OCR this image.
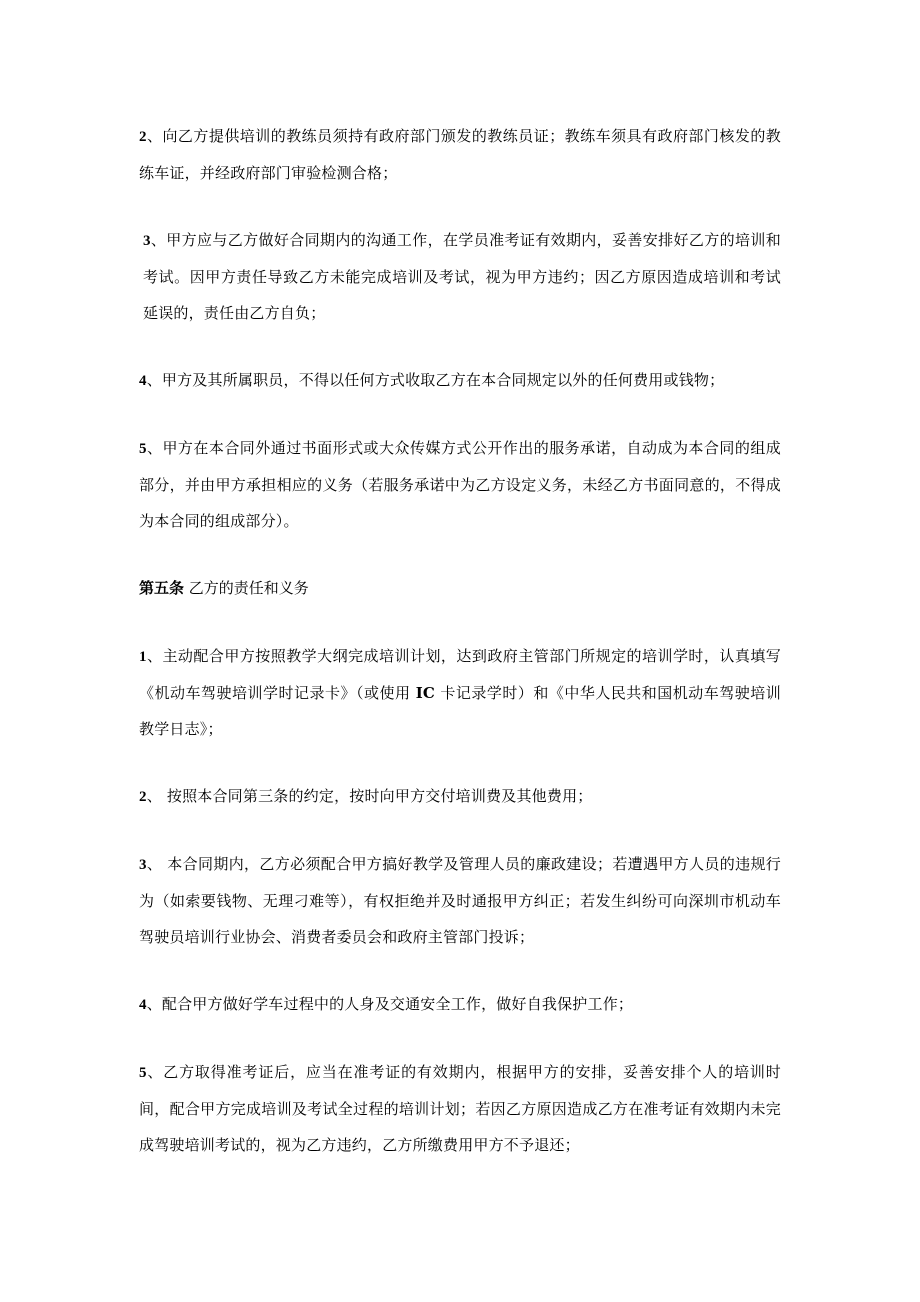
2、向乙方提供培训的教练员须持有政府部门颁发的教练员证；教练车须具有政府部门核发的教练车证，并经政府部门审验检测合格；

3、甲方应与乙方做好合同期内的沟通工作，在学员准考证有效期内，妥善安排好乙方的培训和考试。因甲方责任导致乙方未能完成培训及考试，视为甲方违约；因乙方原因造成培训和考试延误的，责任由乙方自负；

4、甲方及其所属职员，不得以任何方式收取乙方在本合同规定以外的任何费用或钱物；

5、甲方在本合同外通过书面形式或大众传媒方式公开作出的服务承诺，自动成为本合同的组成部分，并由甲方承担相应的义务（若服务承诺中为乙方设定义务，未经乙方书面同意的，不得成为本合同的组成部分）。

第五条 乙方的责任和义务

1、主动配合甲方按照教学大纲完成培训计划，达到政府主管部门所规定的培训学时，认真填写《机动车驾驶培训学时记录卡》（或使用 IC 卡记录学时）和《中华人民共和国机动车驾驶培训教学日志》；

2、 按照本合同第三条的约定，按时向甲方交付培训费及其他费用；

3、 本合同期内，乙方必须配合甲方搞好教学及管理人员的廉政建设；若遭遇甲方人员的违规行为（如索要钱物、无理刁难等），有权拒绝并及时通报甲方纠正；若发生纠纷可向深圳市机动车驾驶员培训行业协会、消费者委员会和政府主管部门投诉；

4、配合甲方做好学车过程中的人身及交通安全工作，做好自我保护工作；

5、乙方取得准考证后，应当在准考证的有效期内，根据甲方的安排，妥善安排个人的培训时间，配合甲方完成培训及考试全过程的培训计划；若因乙方原因造成乙方在准考证有效期内未完成驾驶培训考试的，视为乙方违约，乙方所缴费用甲方不予退还；
